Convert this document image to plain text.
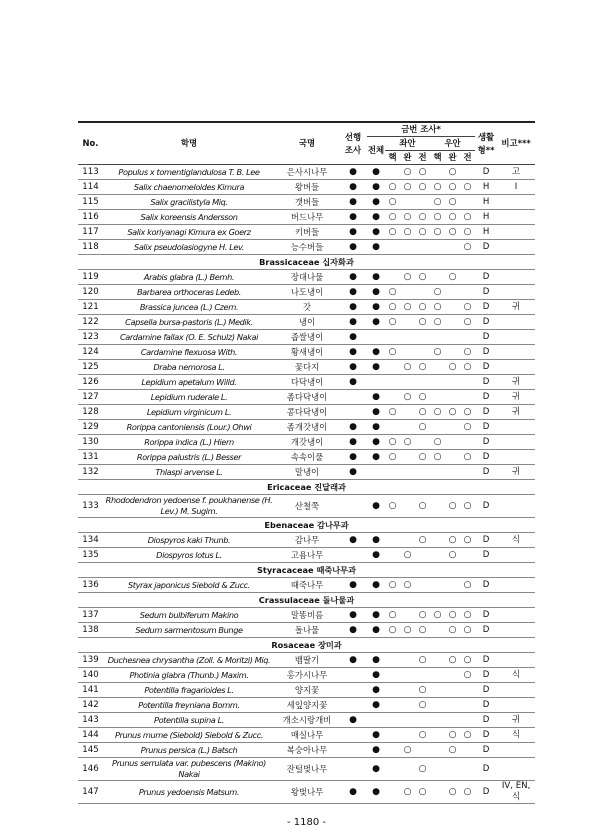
No.	학명	국명	선행조사	금번 조사*							생활형**	비고***
				전체	좌안			우안				
					핵	완	전	핵	완	전		
113	Populus x tomentiglandulosa T. B. Lee	은사시나무	●	●		○	○		○		D	고
114	Salix chaenomeloides Kimura	왕버들	●	●	○	○	○	○	○	○	H	I
115	Salix gracilistyla Miq.	갯버들	●	●	○			○	○		H	
116	Salix koreensis Andersson	버드나무	●	●	○	○	○	○	○	○	H	
117	Salix koriyanagi Kimura ex Goerz	키버들	●	●	○	○	○	○	○	○	H	
118	Salix pseudolasiogyne H. Lev.	능수버들	●	●						○	D	
Brassicaceae 십자화과												
119	Arabis glabra (L.) Bernh.	장대나물	●	●		○	○		○		D	
120	Barbarea orthoceras Ledeb.	나도냉이	●	●	○			○			D	
121	Brassica juncea (L.) Czern.	갓	●	●	○	○	○	○		○	D	귀
122	Capsella bursa-pastoris (L.) Medik.	냉이	●	●	○		○	○		○	D	
123	Cardamine fallax (O. E. Schulz) Nakai	좁쌀냉이	●								D	
124	Cardamine flexuosa With.	황새냉이	●	●	○			○		○	D	
125	Draba nemorosa L.	꽃다지	●	●		○	○		○	○	D	
126	Lepidium apetalum Willd.	다닥냉이	●								D	귀
127	Lepidium ruderale L.	좀다닥냉이		●		○	○				D	귀
128	Lepidium virginicum L.	콩다닥냉이		●	○		○	○	○	○	D	귀
129	Rorippa cantoniensis (Lour.) Ohwi	좀개갓냉이	●	●			○			○	D	
130	Rorippa indica (L.) Hiern	개갓냉이	●	●	○	○		○			D	
131	Rorippa palustris (L.) Besser	속속이풀	●	●	○		○	○		○	D	
132	Thlaspi arvense L.	말냉이	●								D	귀
Ericaceae 진달래과												
133	Rhododendron yedoense f. poukhanense (H. Lev.) M. Sugim.	산철쭉		●	○		○		○	○	D	
Ebenaceae 감나무과												
134	Diospyros kaki Thunb.	감나무	●	●			○		○	○	D	식
135	Diospyros lotus L.	고욤나무		●		○			○		D	
Styracaceae 때죽나무과												
136	Styrax japonicus Siebold & Zucc.	때죽나무	●	●	○	○				○	D	
Crassulaceae 돌나물과												
137	Sedum bulbiferum Makino	말똥비름	●	●	○		○	○	○	○	D	
138	Sedum sarmentosum Bunge	돌나물	●	●	○	○	○		○	○	D	
Rosaceae 장미과												
139	Duchesnea chrysantha (Zoll. & Moritzi) Miq.	뱀딸기	●	●			○		○	○	D	
140	Photinia glabra (Thunb.) Maxim.	홍가시나무		●						○	D	식
141	Potentilla fragarioides L.	양지꽃		●			○				D	
142	Potentilla freyniana Bornm.	세잎양지꽃		●			○				D	
143	Potentilla supina L.	개소시랑개비	●								D	귀
144	Prunus mume (Siebold) Siebold & Zucc.	매실나무		●			○		○	○	D	식
145	Prunus persica (L.) Batsch	복숭아나무		●		○			○		D	
146	Prunus serrulata var. pubescens (Makino) Nakai	잔털벚나무		●			○				D	
147	Prunus yedoensis Matsum.	왕벚나무	●	●		○	○		○	○	D	IV, EN, 식
- 1180 -
